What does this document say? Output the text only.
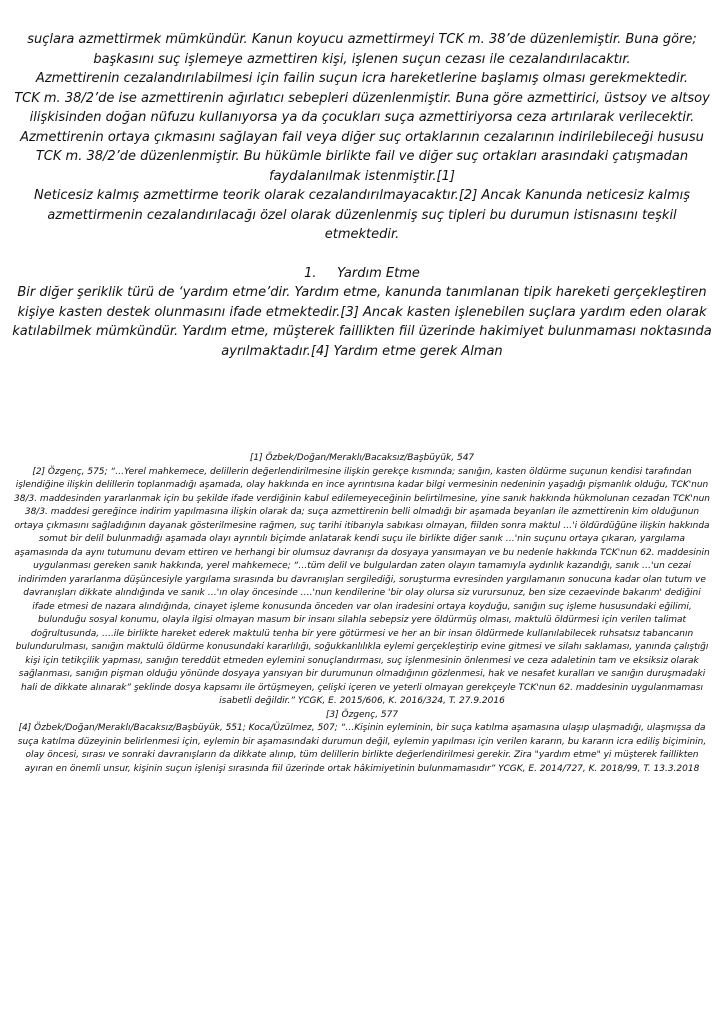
suçlara azmettirmek mümkündür. Kanun koyucu azmettirmeyi TCK m. 38’de düzenlemiştir. Buna göre; başkasını suç işlemeye azmettiren kişi, işlenen suçun cezası ile cezalandırılacaktır.

Azmettirenin cezalandırılabilmesi için failin suçun icra hareketlerine başlamış olması gerekmektedir.

TCK m. 38/2’de ise azmettirenin ağırlatıcı sebepleri düzenlenmiştir. Buna göre azmettirici, üstsoy ve altsoy ilişkisinden doğan nüfuzu kullanıyorsa ya da çocukları suça azmettiriyorsa ceza artırılarak verilecektir.

Azmettirenin ortaya çıkmasını sağlayan fail veya diğer suç ortaklarının cezalarının indirilebileceği hususu TCK m. 38/2’de düzenlenmiştir. Bu hükümle birlikte fail ve diğer suç ortakları arasındaki çatışmadan faydalanılmak istenmiştir.[1]

Neticesiz kalmış azmettirme teorik olarak cezalandırılmayacaktır.[2] Ancak Kanunda neticesiz kalmış azmettirmenin cezalandırılacağı özel olarak düzenlenmiş suç tipleri bu durumun istisnasını teşkil etmektedir.

1.     Yardım Etme

Bir diğer şeriklik türü de ‘yardım etme’dir. Yardım etme, kanunda tanımlanan tipik hareketi gerçekleştiren kişiye kasten destek olunmasını ifade etmektedir.[3] Ancak kasten işlenebilen suçlara yardım eden olarak katılabilmek mümkündür. Yardım etme, müşterek faillikten fiil üzerinde hakimiyet bulunmaması noktasında ayrılmaktadır.[4] Yardım etme gerek Alman

[1] Özbek/Doğan/Meraklı/Bacaksız/Başbüyük, 547

[2] Özgenç, 575; “…Yerel mahkemece, delillerin değerlendirilmesine ilişkin gerekçe kısmında; sanığın, kasten öldürme suçunun kendisi tarafından işlendiğine ilişkin delillerin toplanmadığı aşamada, olay hakkında en ince ayrıntısına kadar bilgi vermesinin nedeninin yaşadığı pişmanlık olduğu, TCK'nun 38/3. maddesinden yararlanmak için bu şekilde ifade verdiğinin kabul edilemeyeceğinin belirtilmesine, yine sanık hakkında hükmolunan cezadan TCK'nun 38/3. maddesi gereğince indirim yapılmasına ilişkin olarak da; suça azmettirenin belli olmadığı bir aşamada beyanları ile azmettirenin kim olduğunun ortaya çıkmasını sağladığının dayanak gösterilmesine rağmen, suç tarihi itibarıyla sabıkası olmayan, fiilden sonra maktul …'i öldürdüğüne ilişkin hakkında somut bir delil bulunmadığı aşamada olayı ayrıntılı biçimde anlatarak kendi suçu ile birlikte diğer sanık …'nin suçunu ortaya çıkaran, yargılama aşamasında da aynı tutumunu devam ettiren ve herhangi bir olumsuz davranışı da dosyaya yansımayan ve bu nedenle hakkında TCK'nun 62. maddesinin uygulanması gereken sanık hakkında, yerel mahkemece; “…tüm delil ve bulgulardan zaten olayın tamamıyla aydınlık kazandığı, sanık …'un cezai indirimden yararlanma düşüncesiyle yargılama sırasında bu davranışları sergilediği, soruşturma evresinden yargılamanın sonucuna kadar olan tutum ve davranışları dikkate alındığında ve sanık …'ın olay öncesinde ….'nun kendilerine 'bir olay olursa siz vurursunuz, ben size cezaevinde bakarım' dediğini ifade etmesi de nazara alındığında, cinayet işleme konusunda önceden var olan iradesini ortaya koyduğu, sanığın suç işleme hususundaki eğilimi, bulunduğu sosyal konumu, olayla ilgisi olmayan masum bir insanı silahla sebepsiz yere öldürmüş olması, maktulü öldürmesi için verilen talimat doğrultusunda, ….ile birlikte hareket ederek maktulü tenha bir yere götürmesi ve her an bir insan öldürmede kullanılabilecek ruhsatsız tabancanın bulundurulması, sanığın maktulü öldürme konusundaki kararlılığı, soğukkanlılıkla eylemi gerçekleştirip evine gitmesi ve silahı saklaması, yanında çalıştığı kişi için tetikçilik yapması, sanığın tereddüt etmeden eylemini sonuçlandırması, suç işlenmesinin önlenmesi ve ceza adaletinin tam ve eksiksiz olarak sağlanması, sanığın pişman olduğu yönünde dosyaya yansıyan bir durumunun olmadığının gözlenmesi, hak ve nesafet kuralları ve sanığın duruşmadaki hali de dikkate alınarak” şeklinde dosya kapsamı ile örtüşmeyen, çelişki içeren ve yeterli olmayan gerekçeyle TCK'nun 62. maddesinin uygulanmaması isabetli değildir.” YCGK, E. 2015/606, K. 2016/324, T. 27.9.2016

[3] Özgenç, 577

[4] Özbek/Doğan/Meraklı/Bacaksız/Başbüyük, 551; Koca/Üzülmez, 507; “…Kişinin eyleminin, bir suça katılma aşamasına ulaşıp ulaşmadığı, ulaşmışsa da suça katılma düzeyinin belirlenmesi için, eylemin bir aşamasındaki durumun değil, eylemin yapılması için verilen kararın, bu kararın icra ediliş biçiminin, olay öncesi, sırası ve sonraki davranışların da dikkate alınıp, tüm delillerin birlikte değerlendirilmesi gerekir. Zira "yardım etme" yi müşterek faillikten ayıran en önemli unsur, kişinin suçun işlenişi sırasında fiil üzerinde ortak hâkimiyetinin bulunmamasıdır” YCGK, E. 2014/727, K. 2018/99, T. 13.3.2018
